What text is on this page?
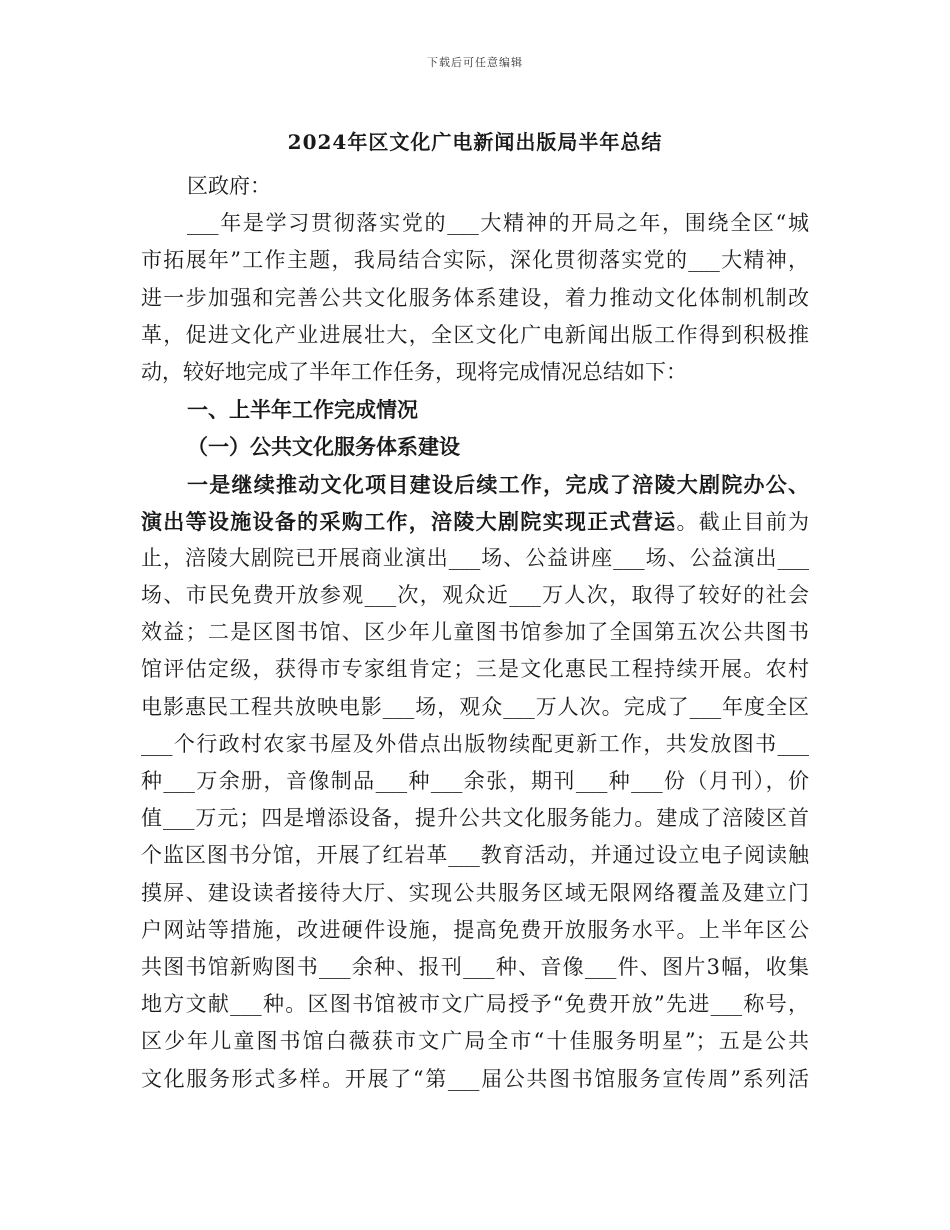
下载后可任意编辑
2024年区文化广电新闻出版局半年总结
区政府：
___年是学习贯彻落实党的___大精神的开局之年，围绕全区“城
市拓展年”工作主题，我局结合实际，深化贯彻落实党的___大精神，
进一步加强和完善公共文化服务体系建设，着力推动文化体制机制改
革，促进文化产业进展壮大，全区文化广电新闻出版工作得到积极推
动，较好地完成了半年工作任务，现将完成情况总结如下：
一、上半年工作完成情况
（一）公共文化服务体系建设
一是继续推动文化项目建设后续工作，完成了涪陵大剧院办公、
演出等设施设备的采购工作，涪陵大剧院实现正式营运。截止目前为
止，涪陵大剧院已开展商业演出___场、公益讲座___场、公益演出___
场、市民免费开放参观___次，观众近___万人次，取得了较好的社会
效益；二是区图书馆、区少年儿童图书馆参加了全国第五次公共图书
馆评估定级，获得市专家组肯定；三是文化惠民工程持续开展。农村
电影惠民工程共放映电影___场，观众___万人次。完成了___年度全区
___个行政村农家书屋及外借点出版物续配更新工作，共发放图书___
种___万余册，音像制品___种___余张，期刊___种___份（月刊），价
值___万元；四是增添设备，提升公共文化服务能力。建成了涪陵区首
个监区图书分馆，开展了红岩革___教育活动，并通过设立电子阅读触
摸屏、建设读者接待大厅、实现公共服务区域无限网络覆盖及建立门
户网站等措施，改进硬件设施，提高免费开放服务水平。上半年区公
共图书馆新购图书___余种、报刊___种、音像___件、图片3幅，收集
地方文献___种。区图书馆被市文广局授予“免费开放”先进___称号，
区少年儿童图书馆白薇获市文广局全市“十佳服务明星”；五是公共
文化服务形式多样。开展了“第___届公共图书馆服务宣传周”系列活
